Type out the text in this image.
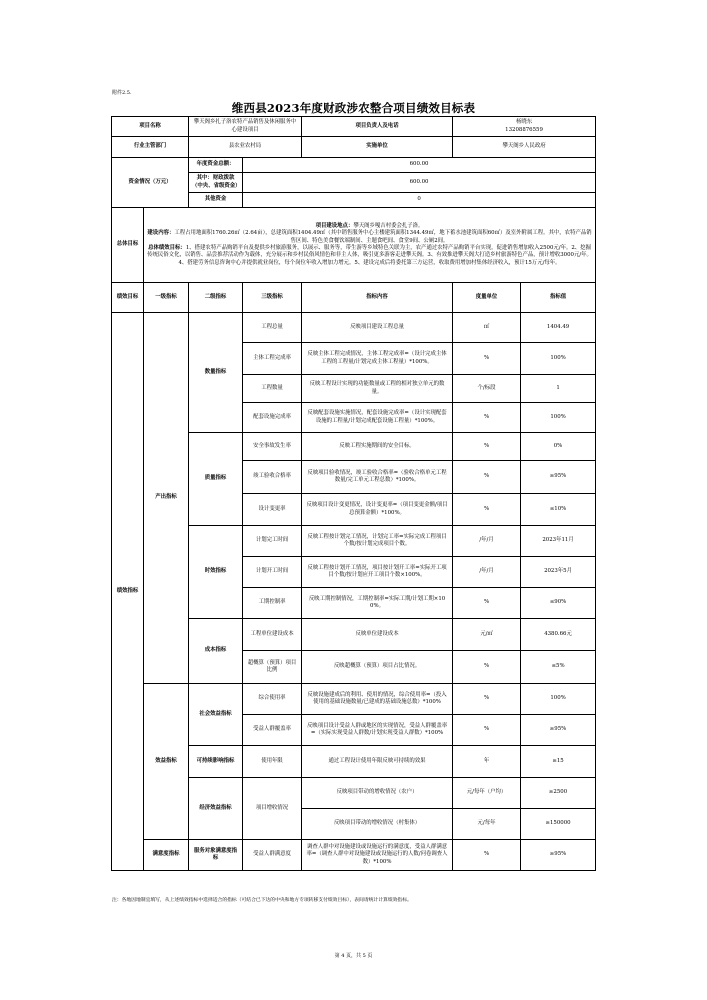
附件2.5.
维西县2023年度财政涉农整合项目绩效目标表
项目名称		攀天阁乡扎子洛农特产品销售及休闲服务中心建设项目		项目负责人及电话	杨晓东
13208876559	

行业主管部门		县农业农村局		实施单位	攀天阁乡人民政府	
资金情况（万元）		年度资金总额：	600.00			
		其中：财政拨款（中央、省级资金）	600.00			
		其他资金	0			
总体目标	项目建设地点：攀天阁乡嘎吉村委会扎子洛。
建设内容：工程占用地面积1760.26㎡（2.64亩），总建筑面积1404.49㎡（其中销售服务中心主楼建筑面积1344.49㎡，地下蓄水池建筑面积60㎡）及室外附属工程。其中，农特产品销售区间、特色美食餐饮端制间、主题食吧间、食堂9间、公厕2间。
总体绩效目标：1、搭建农特产品购销平台及提供乡村旅游服务，以展示、服务等，带生游等乡域特色关联为主，农产通过农特产品购销平台实现，促进销售增加收入2500元/年。2、挖掘传统民俗文化，以销售、品尝推荐活动作为载体，充分展示和乡村民俗风情色和非主人体，吸引更多游客走进攀天阁。3、有效推进攀天阁大打造乡村旅游特色产品，预计增收3000元/年。4、搭建劳务信息咨询中心并提供就业岗位，每个岗位年收入增加力增元。5、建设完成后将委托第三方运营，收取费用增加村集体经济收入，预计15万元/每年。					
绩效目标	一级指标	二级指标	三级指标	指标内容	度量单位	指标值
绩效指标	产出指标	数量指标	工程总量	反映项目建设工程总量	㎡	1404.49
			主体工程完成率	反映主体工程完成情况，主体工程完成率=（设计完成主体工程的工程量/计划完成主体工程量）*100%。	%	100%
			工程数量	反映工程设计实现的功能数量或工程的相对独立单元的数量。	个/标段	1
			配套设施完成率	反映配套设施实施情况，配套设施完成率=（设计实现配套设施的工程量/计划完成配套设施工程量）*100%。	%	100%
		质量指标	安全事故发生率	反映工程实施期间的安全目标。	%	0%
			竣工验收合格率	反映项目验收情况，竣工验收合格率=（验收合格单元工程数量/完工单元工程总数）*100%。	%	≥95%
			设计变更率	反映项目设计变更情况，设计变更率=（项目变更金额/项目总预算金额）*100%。	%	≤10%
		时效指标	计划完工时间	反映工程按计划完工情况，计划完工率=实际完成工程项目个数/按计划完成项目个数。	/年/月	2023年11月
			计划开工时间	反映工程按计划开工情况，项目按计划开工率=实际开工项目个数/按计划应开工项目个数×100%。	/年/月	2023年5月
			工期控制率	反映工期控制情况，工期控制率=实际工期/计划工期×100%。	%	≤90%
		成本指标	工程单位建设成本	反映单位建设成本	元/㎡	4380.66元
			超概算（预算）项目比例	反映超概算（预算）项目占比情况。	%	≤5%
	效益指标	社会效益指标	综合使用率	反映设施建成后的利用、使用的情况，综合使用率=（投入使用的基础设施数量/已建成的基础设施总数）*100%	%	100%
			受益人群覆盖率	反映项目设计受益人群或地区的实现情况，受益人群覆盖率=（实际实现受益人群数/计划实现受益人群数）*100%	%	≥95%
		可持续影响指标	使用年限	通过工程设计使用年限反映可持续的效果	年	≥15
		经济效益指标	项目增收情况	反映项目带动的增收情况（农户）	元/每年（户均）	≥2500
				反映项目带动的增收情况（村集体）	元/每年	≥150000
	满意度指标	服务对象满意度指标	受益人群满意度	调查人群中对设施建设或设施运行的满意度，受益人群满意率=（调查人群中对设施建设或设施运行的人数/问卷调查人数）*100%	%	≥95%
注：各地因地制宜填写，从上述绩效指标中选择适合的指标（可结合已下达的中央和地方专项转移支付绩效目标），表间请统计计算绩效指标。
第 4 页，共 5 页
